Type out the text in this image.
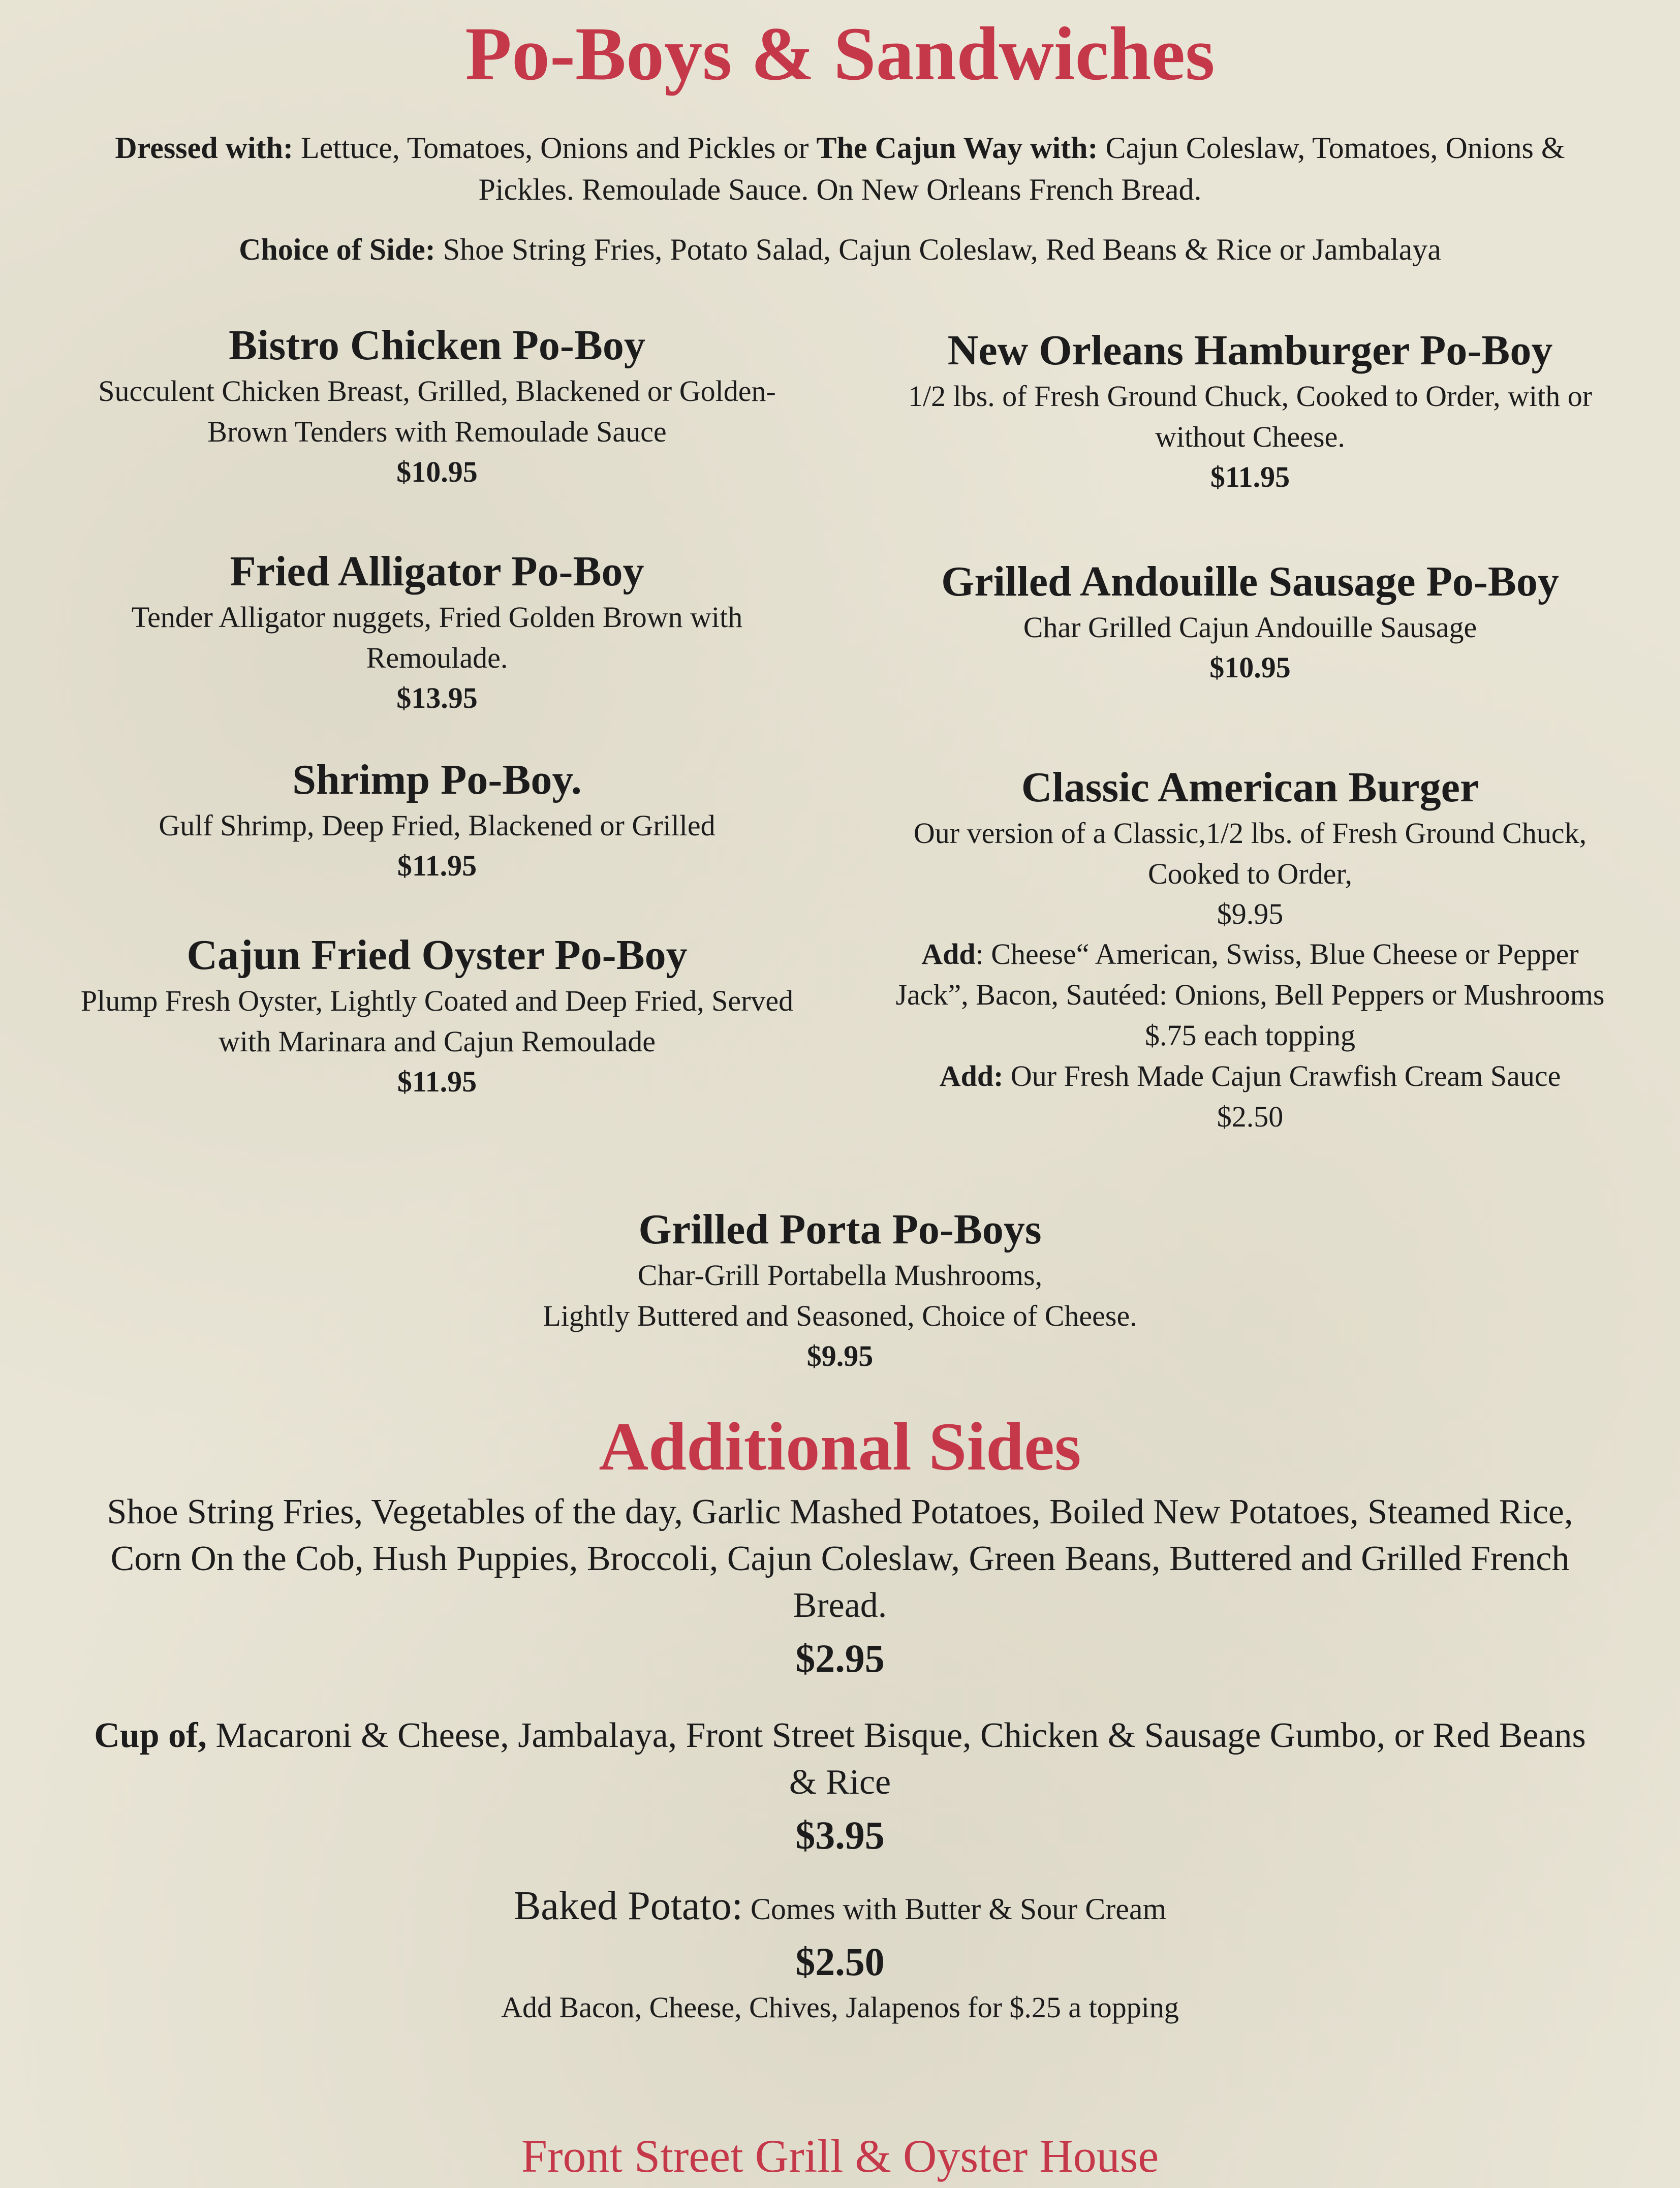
Po-Boys & Sandwiches
Dressed with: Lettuce, Tomatoes, Onions and Pickles or The Cajun Way with: Cajun Coleslaw, Tomatoes, Onions & Pickles. Remoulade Sauce. On New Orleans French Bread.
Choice of Side: Shoe String Fries, Potato Salad, Cajun Coleslaw, Red Beans & Rice or Jambalaya
Bistro Chicken Po-Boy
Succulent Chicken Breast, Grilled, Blackened or Golden-Brown Tenders with Remoulade Sauce
$10.95
Fried Alligator Po-Boy
Tender Alligator nuggets, Fried Golden Brown with Remoulade.
$13.95
Shrimp Po-Boy.
Gulf Shrimp, Deep Fried, Blackened or Grilled
$11.95
Cajun Fried Oyster Po-Boy
Plump Fresh Oyster, Lightly Coated and Deep Fried, Served with Marinara and Cajun Remoulade
$11.95
New Orleans Hamburger Po-Boy
1/2 lbs. of Fresh Ground Chuck, Cooked to Order, with or without Cheese.
$11.95
Grilled Andouille Sausage Po-Boy
Char Grilled Cajun Andouille Sausage
$10.95
Classic American Burger
Our version of a Classic,1/2 lbs. of Fresh Ground Chuck, Cooked to Order,
$9.95
Add: Cheese“ American, Swiss, Blue Cheese or Pepper Jack”, Bacon, Sautéed: Onions, Bell Peppers or Mushrooms
$.75 each topping
Add: Our Fresh Made Cajun Crawfish Cream Sauce
$2.50
Grilled Porta Po-Boys
Char-Grill Portabella Mushrooms,
Lightly Buttered and Seasoned, Choice of Cheese.
$9.95
Additional Sides
Shoe String Fries, Vegetables of the day, Garlic Mashed Potatoes, Boiled New Potatoes, Steamed Rice, Corn On the Cob, Hush Puppies, Broccoli, Cajun Coleslaw, Green Beans, Buttered and Grilled French Bread.
$2.95
Cup of, Macaroni & Cheese, Jambalaya, Front Street Bisque, Chicken & Sausage Gumbo, or Red Beans & Rice
$3.95
Baked Potato: Comes with Butter & Sour Cream
$2.50
Add Bacon, Cheese, Chives, Jalapenos for $.25 a topping
Front Street Grill & Oyster House
